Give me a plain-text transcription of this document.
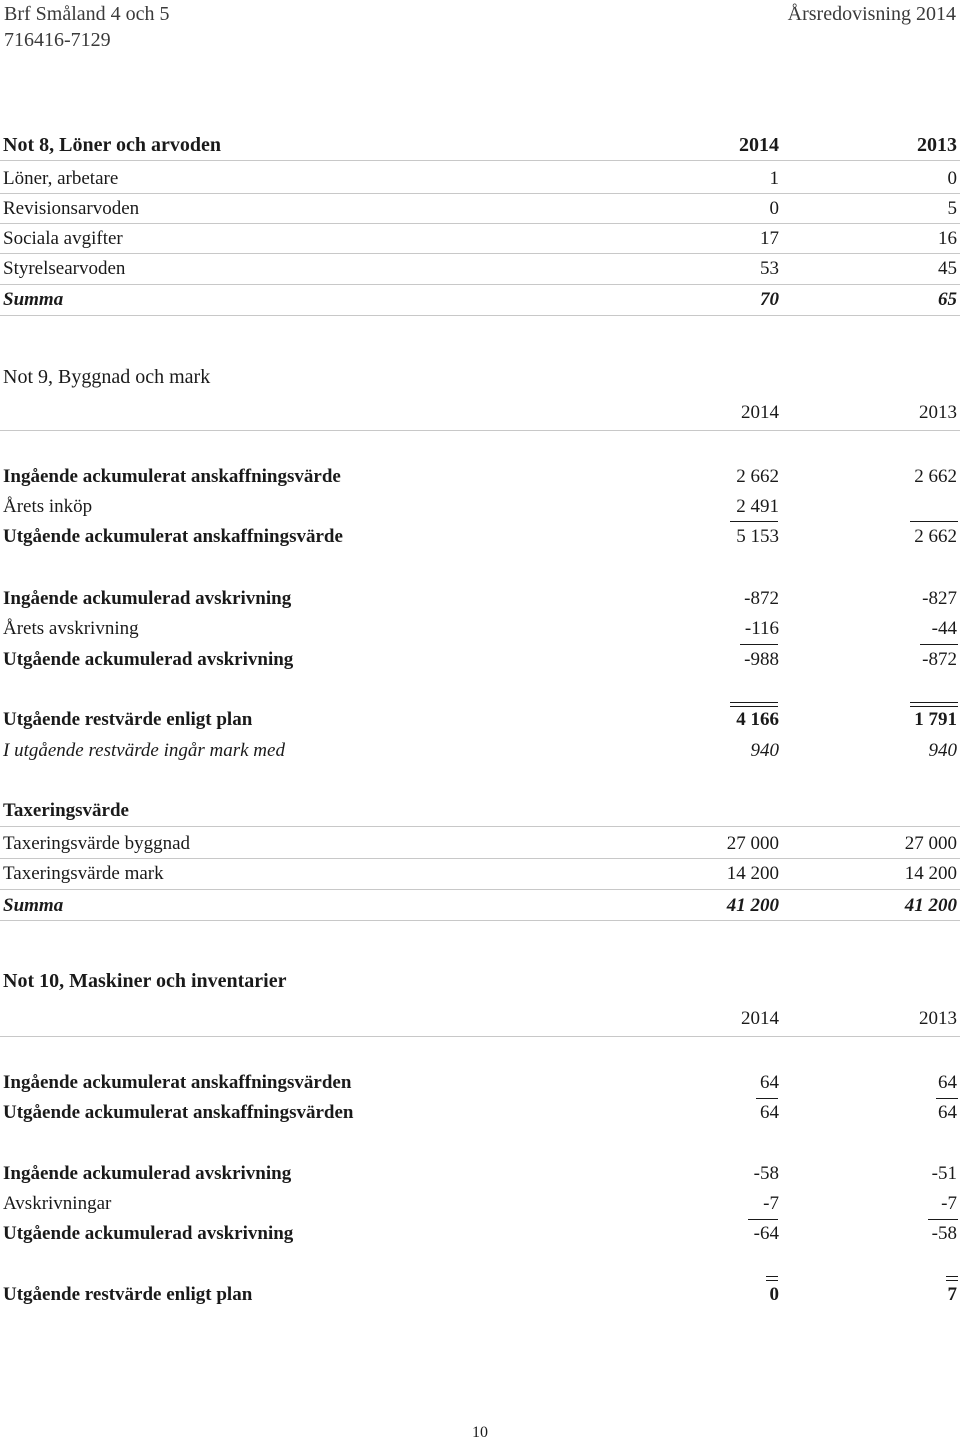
Brf Småland 4 och 5
716416-7129
Årsredovisning 2014
Not 8, Löner och arvoden	2014	2013
Löner, arbetare	1	0
Revisionsarvoden	0	5
Sociala avgifter	17	16
Styrelsearvoden	53	45
Summa	70	65
Not 9, Byggnad och mark
2014	2013
Ingående ackumulerat anskaffningsvärde	2 662	2 662
Årets inköp	2 491
Utgående ackumulerat anskaffningsvärde	5 153	2 662
Ingående ackumulerad avskrivning	-872	-827
Årets avskrivning	-116	-44
Utgående ackumulerad avskrivning	-988	-872
Utgående restvärde enligt plan	4 166	1 791
I utgående restvärde ingår mark med	940	940
Taxeringsvärde
Taxeringsvärde byggnad	27 000	27 000
Taxeringsvärde mark	14 200	14 200
Summa	41 200	41 200
Not 10, Maskiner och inventarier
2014	2013
Ingående ackumulerat anskaffningsvärden	64	64
Utgående ackumulerat anskaffningsvärden	64	64
Ingående ackumulerad avskrivning	-58	-51
Avskrivningar	-7	-7
Utgående ackumulerad avskrivning	-64	-58
Utgående restvärde enligt plan	0	7
10
